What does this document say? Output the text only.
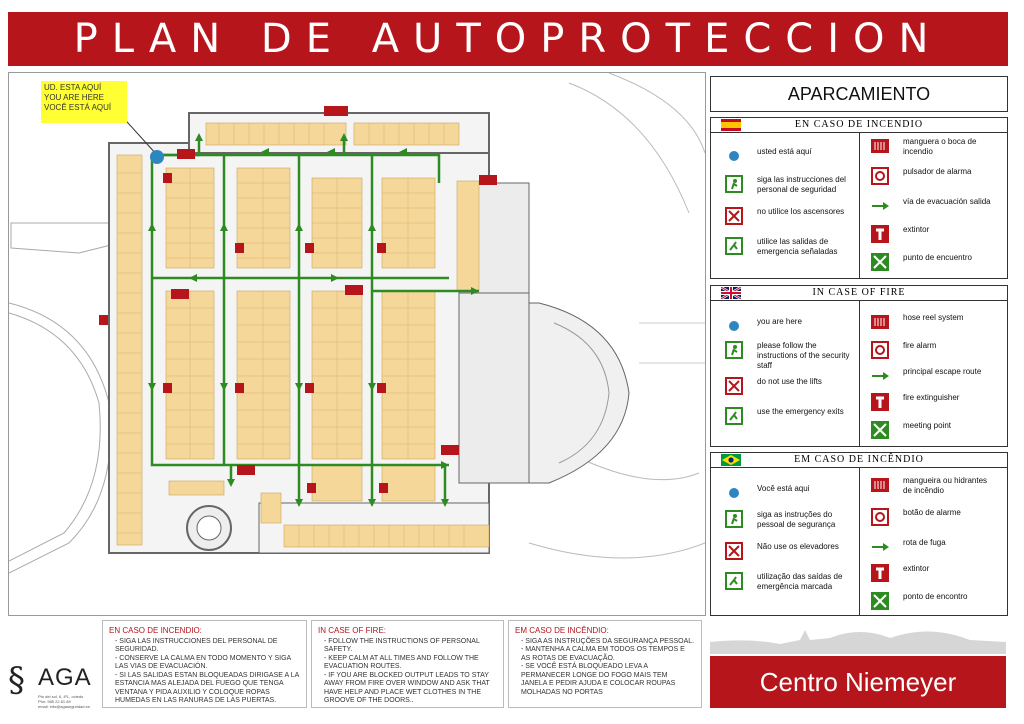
PLAN DE AUTOPROTECCION
UD. ESTA AQUÍ
YOU ARE HERE
VOCÊ ESTÁ AQUÍ
APARCAMIENTO
EN CASO DE INCENDIO
usted está aquí
siga las instrucciones del personal de seguridad
no utilice los ascensores
utilice las salidas de emergencia señaladas
manguera o boca de incendio
pulsador de alarma
vía de evacuación salida
extintor
punto de encuentro
IN CASE OF FIRE
you are here
please follow the instructions of the security staff
do not use the lifts
use the emergency exits
hose reel system
fire alarm
principal escape route
fire extinguisher
meeting point
EM CASO DE INCÊNDIO
Você está aqui
siga as instruções do pessoal de segurança
Não use os elevadores
utilização das saídas de emergência marcada
mangueira ou hidrantes de incêndio
botão de alarme
rota de fuga
extintor
ponto de encontro
EN CASO DE INCENDIO:
- SIGA LAS INSTRUCCIONES DEL PERSONAL DE SEGURIDAD.
- CONSERVE LA CALMA EN TODO MOMENTO Y SIGA LAS VIAS DE EVACUACIÓN.
- SI LAS SALIDAS ESTAN BLOQUEADAS DIRIGASE A LA ESTANCIA MAS ALEJADA DEL FUEGO QUE TENGA VENTANA Y PIDA AUXILIO Y COLOQUE ROPAS HUMEDAS EN LAS RANURAS DE LAS PUERTAS.
IN CASE OF FIRE:
- FOLLOW THE INSTRUCTIONS OF PERSONAL SAFETY.
- KEEP CALM AT ALL TIMES AND FOLLOW THE EVACUATION ROUTES.
- IF YOU ARE BLOCKED OUTPUT LEADS TO STAY AWAY FROM FIRE OVER WINDOW AND ASK THAT HAVE HELP AND PLACE WET CLOTHES IN THE GROOVE OF THE DOORS..
EM CASO DE INCÊNDIO:
- SIGA AS INSTRUÇÕES DA SEGURANÇA PESSOAL.
- MANTENHA A CALMA EM TODOS OS TEMPOS E AS ROTAS DE EVACUAÇÃO.
- SE VOCÊ ESTÁ BLOQUEADO LEVA A PERMANECER LONGE DO FOGO MAIS TEM JANELA E PEDIR AJUDA E COLOCAR ROUPAS MOLHADAS NO PORTAS
§ AGA
Pto del sol, 6, 4ºL, oviedo
Phn: 985 22 81 89
email: info@agaseguridad.es
Centro Niemeyer
